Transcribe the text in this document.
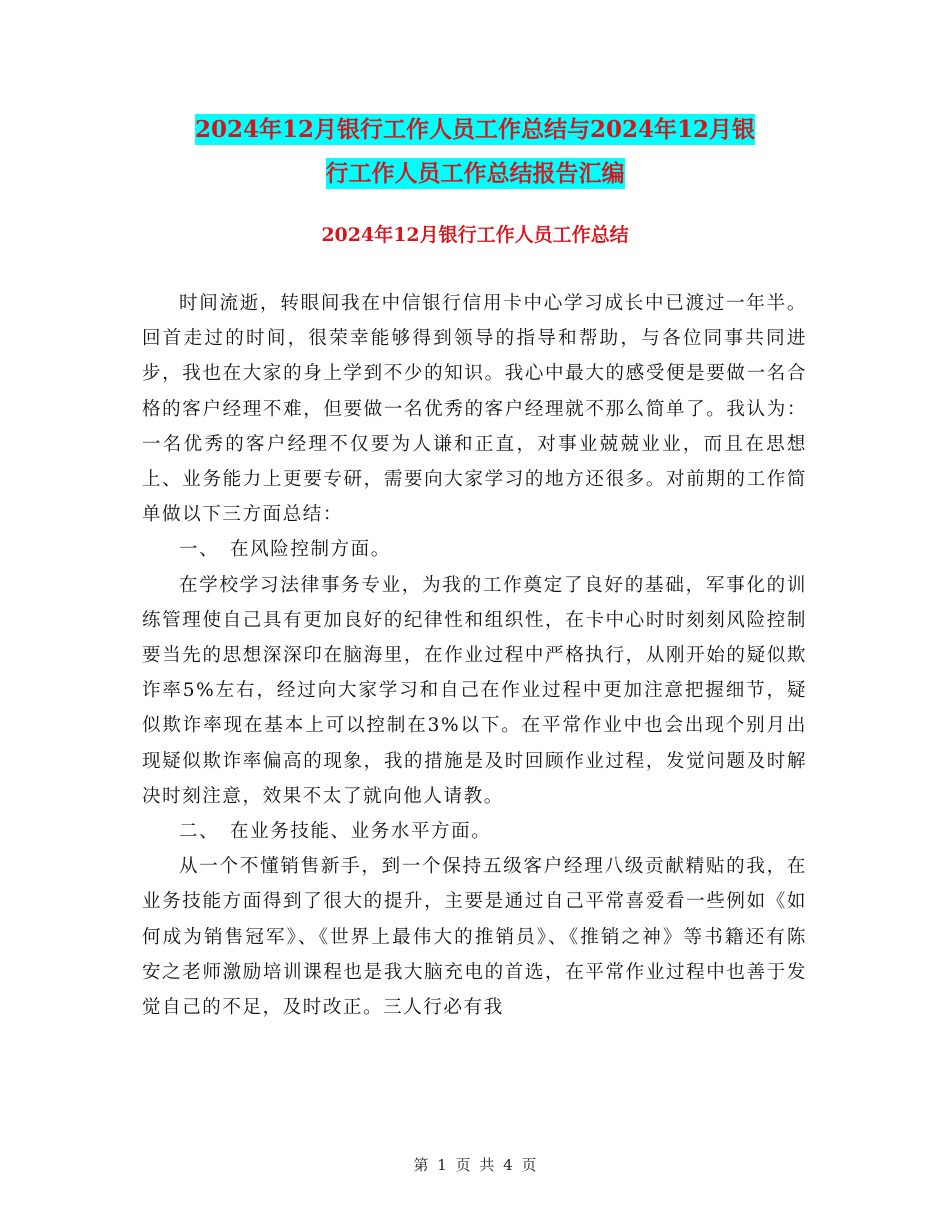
2024年12月银行工作人员工作总结与2024年12月银
行工作人员工作总结报告汇编
2024年12月银行工作人员工作总结

时间流逝，转眼间我在中信银行信用卡中心学习成长中已渡过一年半。回首走过的时间，很荣幸能够得到领导的指导和帮助，与各位同事共同进步，我也在大家的身上学到不少的知识。我心中最大的感受便是要做一名合格的客户经理不难，但要做一名优秀的客户经理就不那么简单了。我认为：一名优秀的客户经理不仅要为人谦和正直，对事业兢兢业业，而且在思想上、业务能力上更要专研，需要向大家学习的地方还很多。对前期的工作简单做以下三方面总结：

一、　在风险控制方面。

在学校学习法律事务专业，为我的工作奠定了良好的基础，军事化的训练管理使自己具有更加良好的纪律性和组织性，在卡中心时时刻刻风险控制要当先的思想深深印在脑海里，在作业过程中严格执行，从刚开始的疑似欺诈率5%左右，经过向大家学习和自己在作业过程中更加注意把握细节，疑似欺诈率现在基本上可以控制在3%以下。在平常作业中也会出现个别月出现疑似欺诈率偏高的现象，我的措施是及时回顾作业过程，发觉问题及时解决时刻注意，效果不太了就向他人请教。

二、　在业务技能、业务水平方面。

从一个不懂销售新手，到一个保持五级客户经理八级贡献精贴的我，在业务技能方面得到了很大的提升，主要是通过自己平常喜爱看一些例如《如何成为销售冠军》、《世界上最伟大的推销员》、《推销之神》等书籍还有陈安之老师激励培训课程也是我大脑充电的首选，在平常作业过程中也善于发觉自己的不足，及时改正。三人行必有我

第 1 页 共 4 页
